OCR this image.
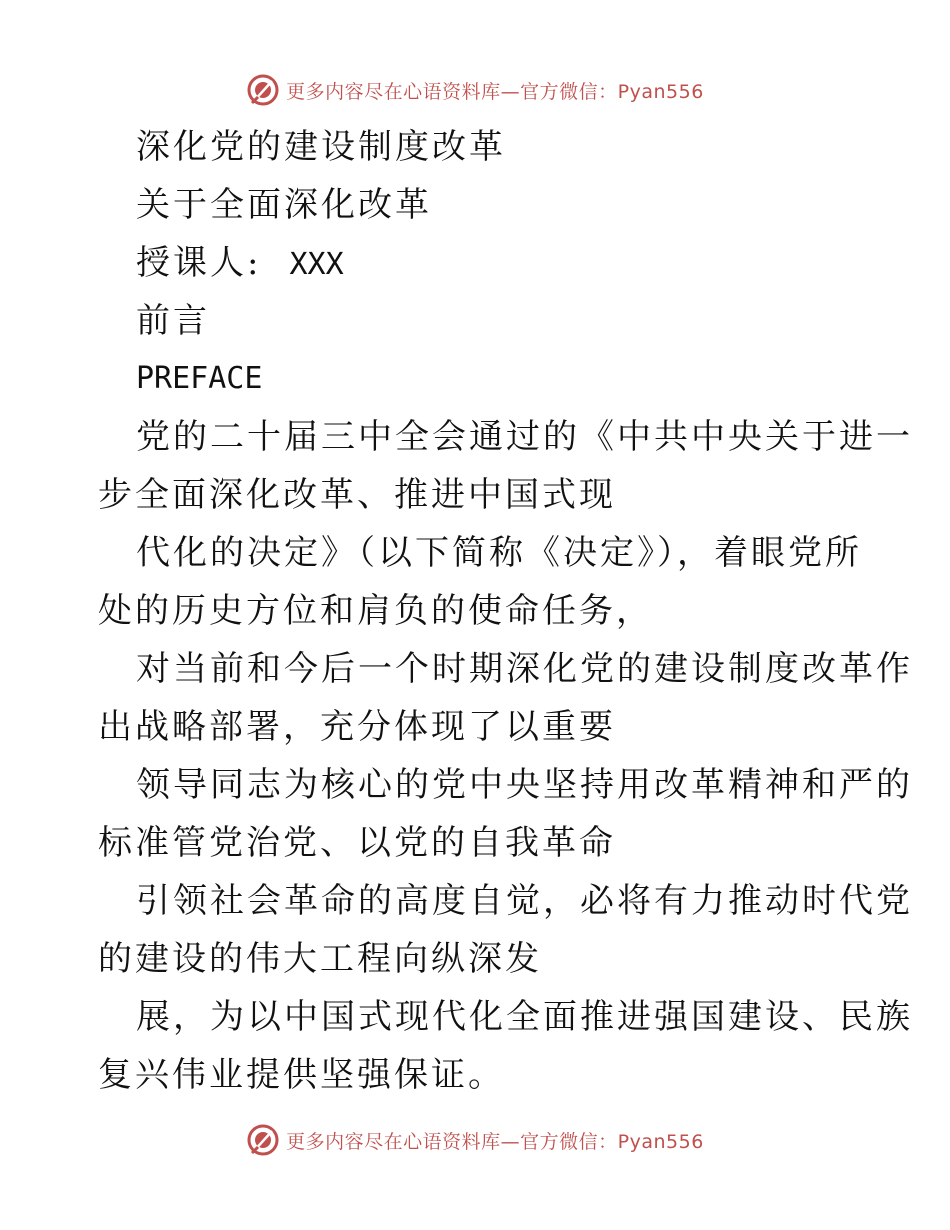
更多内容尽在心语资料库—官方微信：Pyan556
深化党的建设制度改革
关于全面深化改革
授课人: XXX
前言
PREFACE
党的二十届三中全会通过的《中共中央关于进一
步全面深化改革、推进中国式现
代化的决定》（以下简称《决定》），着眼党所
处的历史方位和肩负的使命任务，
对当前和今后一个时期深化党的建设制度改革作
出战略部署，充分体现了以重要
领导同志为核心的党中央坚持用改革精神和严的
标准管党治党、以党的自我革命
引领社会革命的高度自觉，必将有力推动时代党
的建设的伟大工程向纵深发
展，为以中国式现代化全面推进强国建设、民族
复兴伟业提供坚强保证。
更多内容尽在心语资料库—官方微信：Pyan556
